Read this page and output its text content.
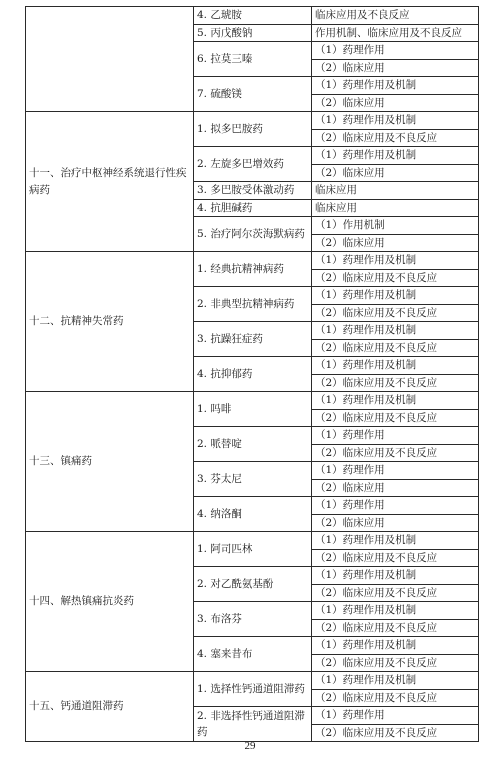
	4. 乙琥胺	临床应用及不良反应
	5. 丙戊酸钠	作用机制、临床应用及不良反应
	6. 拉莫三嗪	（1）药理作用
		（2）临床应用
	7. 硫酸镁	（1）药理作用及机制
		（2）临床应用
十一、治疗中枢神经系统退行性疾病药	1. 拟多巴胺药	（1）药理作用及机制
		（2）临床应用及不良反应
	2. 左旋多巴增效药	（1）药理作用及机制
		（2）临床应用
	3. 多巴胺受体激动药	临床应用
	4. 抗胆碱药	临床应用
	5. 治疗阿尔茨海默病药	（1）作用机制
		（2）临床应用
十二、抗精神失常药	1. 经典抗精神病药	（1）药理作用及机制
		（2）临床应用及不良反应
	2. 非典型抗精神病药	（1）药理作用及机制
		（2）临床应用及不良反应
	3. 抗躁狂症药	（1）药理作用及机制
		（2）临床应用及不良反应
	4. 抗抑郁药	（1）药理作用及机制
		（2）临床应用及不良反应
十三、镇痛药	1. 吗啡	（1）药理作用及机制
		（2）临床应用及不良反应
	2. 哌替啶	（1）药理作用
		（2）临床应用及不良反应
	3. 芬太尼	（1）药理作用
		（2）临床应用
	4. 纳洛酮	（1）药理作用
		（2）临床应用
十四、解热镇痛抗炎药	1. 阿司匹林	（1）药理作用及机制
		（2）临床应用及不良反应
	2. 对乙酰氨基酚	（1）药理作用及机制
		（2）临床应用及不良反应
	3. 布洛芬	（1）药理作用及机制
		（2）临床应用及不良反应
	4. 塞来昔布	（1）药理作用及机制
		（2）临床应用及不良反应
十五、钙通道阻滞药	1. 选择性钙通道阻滞药	（1）药理作用及机制
		（2）临床应用及不良反应
	2. 非选择性钙通道阻滞药	（1）药理作用
		（2）临床应用及不良反应
29
